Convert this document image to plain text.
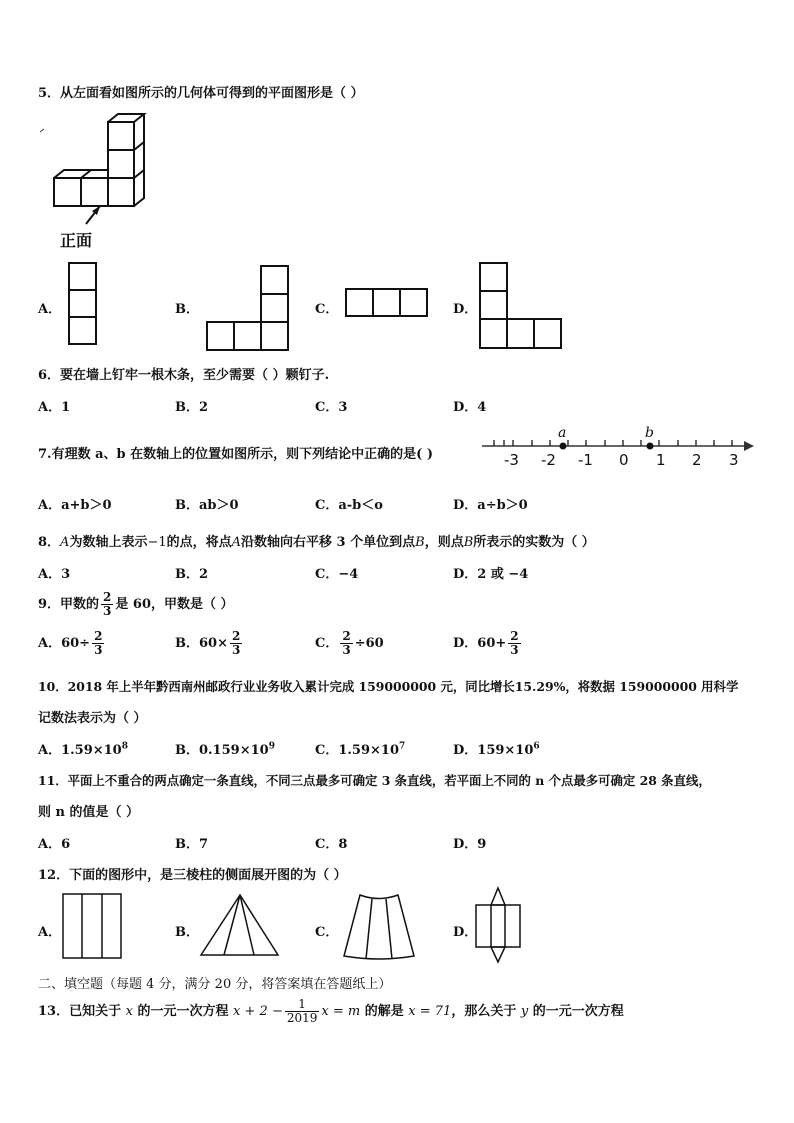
5．从左面看如图所示的几何体可得到的平面图形是（ ）
正面
A．	B．	C．	D．
6．要在墙上钉牢一根木条，至少需要（ ）颗钉子.
A．1	B．2	C．3	D．4
7.有理数 a、b 在数轴上的位置如图所示，则下列结论中正确的是( )
a	b
-3 -2 -1 0 1 2 3
A．a+b＞0	B．ab＞0	C．a-b＜o	D．a÷b＞0
8．A为数轴上表示−1的点，将点A沿数轴向右平移 3 个单位到点B，则点B所表示的实数为（ ）
A．3	B．2	C．−4	D．2 或 −4
9．甲数的 $\frac{2}{3}$ 是 60，甲数是（ ）
A．$60\div \frac{2}{3}$	B．$60\times \frac{2}{3}$	C． $\frac{2}{3} \div 60$	D．$60+ \frac{2}{3}$
10．2018 年上半年黔西南州邮政行业业务收入累计完成 159000000 元，同比增长15.29%，将数据 159000000 用科学
记数法表示为（ ）
A．$1.59\times 10^8$	B．$0.159\times 10^9$	C．$1.59\times 10^7$	D．$159\times 10^6$
11．平面上不重合的两点确定一条直线，不同三点最多可确定 3 条直线，若平面上不同的 n 个点最多可确定 28 条直线，
则 n 的值是（ ）
A．6	B．7	C．8	D．9
12．下面的图形中，是三棱柱的侧面展开图的为（ ）
A．	B．	C．	D．
二、填空题（每题 4 分，满分 20 分，将答案填在答题纸上）
13．已知关于 x 的一元一次方程 $x + 2 - \frac{1}{2019}$ x = m 的解是 x = 71，那么关于 y 的一元一次方程
